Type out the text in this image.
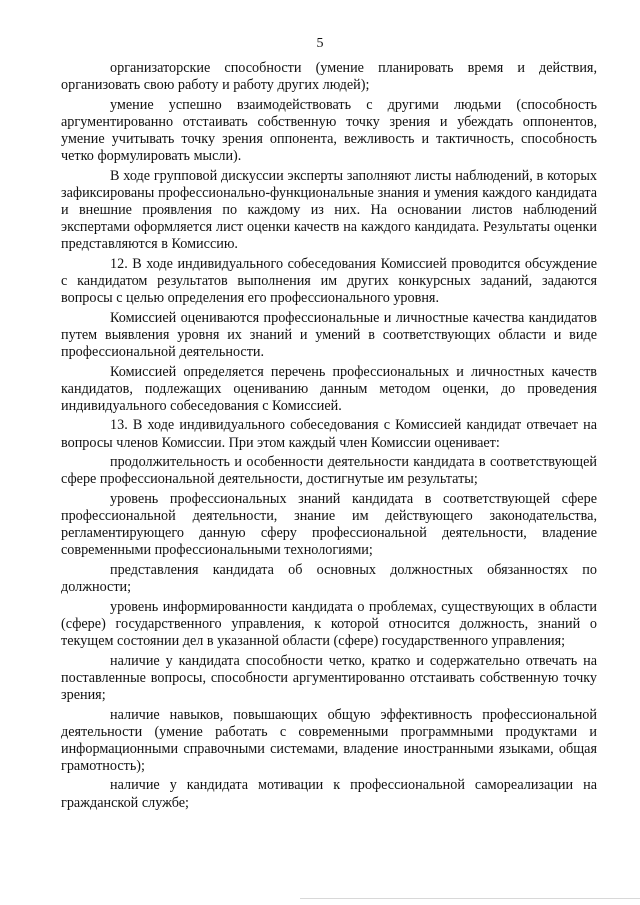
5

организаторские способности (умение планировать время и действия, организовать свою работу и работу других людей);

умение успешно взаимодействовать с другими людьми (способность аргументированно отстаивать собственную точку зрения и убеждать оппонентов, умение учитывать точку зрения оппонента, вежливость и тактичность, способность четко формулировать мысли).

В ходе групповой дискуссии эксперты заполняют листы наблюдений, в которых зафиксированы профессионально-функциональные знания и умения каждого кандидата и внешние проявления по каждому из них. На основании листов наблюдений экспертами оформляется лист оценки качеств на каждого кандидата. Результаты оценки представляются в Комиссию.

12. В ходе индивидуального собеседования Комиссией проводится обсуждение с кандидатом результатов выполнения им других конкурсных заданий, задаются вопросы с целью определения его профессионального уровня.

Комиссией оцениваются профессиональные и личностные качества кандидатов путем выявления уровня их знаний и умений в соответствующих области и виде профессиональной деятельности.

Комиссией определяется перечень профессиональных и личностных качеств кандидатов, подлежащих оцениванию данным методом оценки, до проведения индивидуального собеседования с Комиссией.

13. В ходе индивидуального собеседования с Комиссией кандидат отвечает на вопросы членов Комиссии. При этом каждый член Комиссии оценивает:

продолжительность и особенности деятельности кандидата в соответствующей сфере профессиональной деятельности, достигнутые им результаты;

уровень профессиональных знаний кандидата в соответствующей сфере профессиональной деятельности, знание им действующего законодательства, регламентирующего данную сферу профессиональной деятельности, владение современными профессиональными технологиями;

представления кандидата об основных должностных обязанностях по должности;

уровень информированности кандидата о проблемах, существующих в области (сфере) государственного управления, к которой относится должность, знаний о текущем состоянии дел в указанной области (сфере) государственного управления;

наличие у кандидата способности четко, кратко и содержательно отвечать на поставленные вопросы, способности аргументированно отстаивать собственную точку зрения;

наличие навыков, повышающих общую эффективность профессиональной деятельности (умение работать с современными программными продуктами и информационными справочными системами, владение иностранными языками, общая грамотность);

наличие у кандидата мотивации к профессиональной самореализации на гражданской службе;
